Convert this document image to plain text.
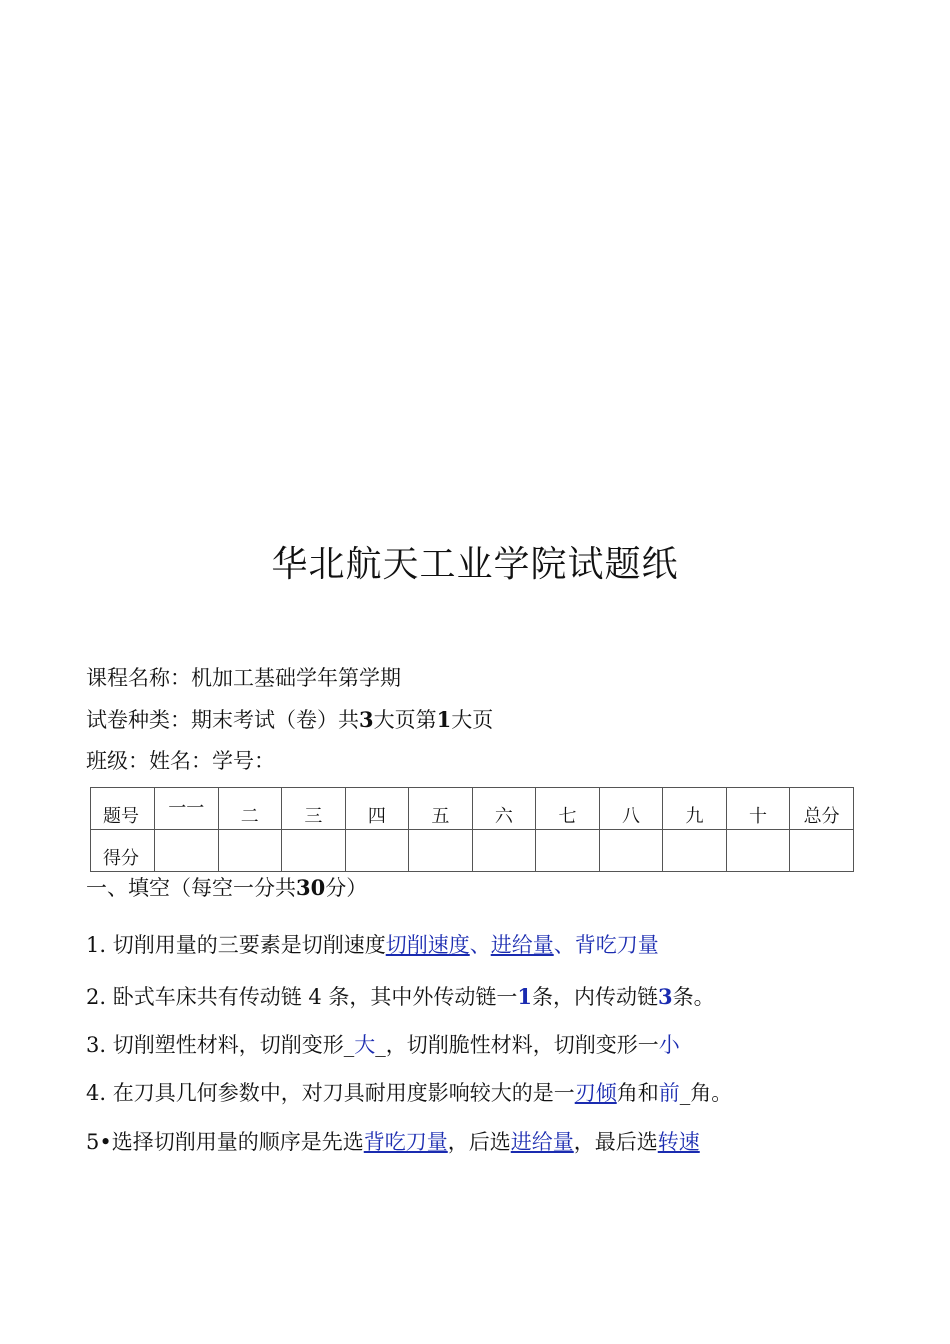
华北航天工业学院试题纸
课程名称：机加工基础学年第学期
试卷种类：期末考试（卷）共3大页第1大页
班级：姓名：学号：
题号	一一	二	三	四	五	六	七	八	九	十	总分

得分											

一、填空（每空一分共30分）
1. 切削用量的三要素是切削速度切削速度、进给量、背吃刀量
2. 卧式车床共有传动链 4 条，其中外传动链一1条，内传动链3条。
3. 切削塑性材料，切削变形_大_，切削脆性材料，切削变形一小
4. 在刀具几何参数中，对刀具耐用度影响较大的是一刃倾角和前_角。
5•选择切削用量的顺序是先选背吃刀量，后选进给量，最后选转速
